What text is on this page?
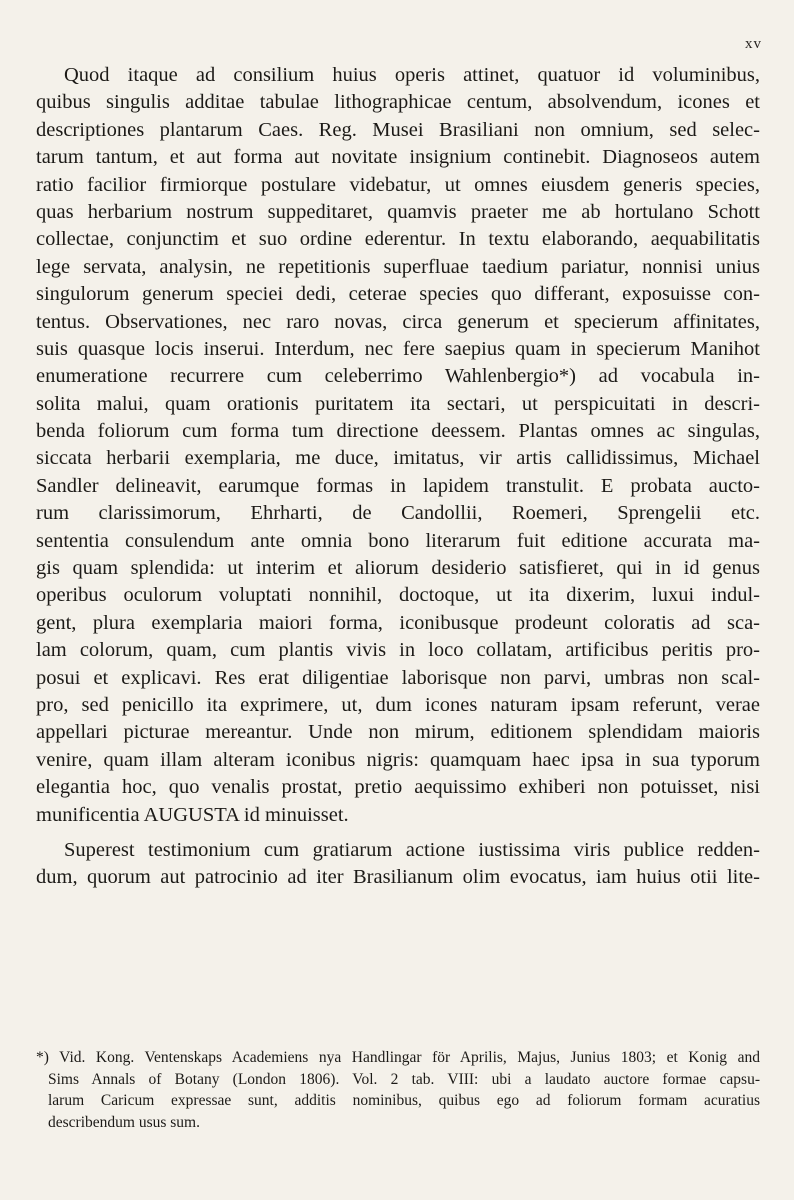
xv
Quod itaque ad consilium huius operis attinet, quatuor id voluminibus,
quibus singulis additae tabulae lithographicae centum, absolvendum, icones et
descriptiones plantarum Caes. Reg. Musei Brasiliani non omnium, sed selec-
tarum tantum, et aut forma aut novitate insignium continebit. Diagnoseos autem
ratio facilior firmiorque postulare videbatur, ut omnes eiusdem generis species,
quas herbarium nostrum suppeditaret, quamvis praeter me ab hortulano Schott
collectae, conjunctim et suo ordine ederentur. In textu elaborando, aequabilitatis
lege servata, analysin, ne repetitionis superfluae taedium pariatur, nonnisi unius
singulorum generum speciei dedi, ceterae species quo differant, exposuisse con-
tentus. Observationes, nec raro novas, circa generum et specierum affinitates,
suis quasque locis inserui. Interdum, nec fere saepius quam in specierum Manihot
enumeratione recurrere cum celeberrimo Wahlenbergio*) ad vocabula in-
solita malui, quam orationis puritatem ita sectari, ut perspicuitati in descri-
benda foliorum cum forma tum directione deessem. Plantas omnes ac singulas,
siccata herbarii exemplaria, me duce, imitatus, vir artis callidissimus, Michael
Sandler delineavit, earumque formas in lapidem transtulit. E probata aucto-
rum clarissimorum, Ehrharti, de Candollii, Roemeri, Sprengelii etc.
sententia consulendum ante omnia bono literarum fuit editione accurata ma-
gis quam splendida: ut interim et aliorum desiderio satisfieret, qui in id genus
operibus oculorum voluptati nonnihil, doctoque, ut ita dixerim, luxui indul-
gent, plura exemplaria maiori forma, iconibusque prodeunt coloratis ad sca-
lam colorum, quam, cum plantis vivis in loco collatam, artificibus peritis pro-
posui et explicavi. Res erat diligentiae laborisque non parvi, umbras non scal-
pro, sed penicillo ita exprimere, ut, dum icones naturam ipsam referunt, verae
appellari picturae mereantur. Unde non mirum, editionem splendidam maioris
venire, quam illam alteram iconibus nigris: quamquam haec ipsa in sua typorum
elegantia hoc, quo venalis prostat, pretio aequissimo exhiberi non potuisset, nisi
munificentia AUGUSTA id minuisset.
Superest testimonium cum gratiarum actione iustissima viris publice redden-
dum, quorum aut patrocinio ad iter Brasilianum olim evocatus, iam huius otii lite-
*) Vid. Kong. Ventenskaps Academiens nya Handlingar för Aprilis, Majus, Junius 1803; et Konig and
Sims Annals of Botany (London 1806). Vol. 2 tab. VIII: ubi a laudato auctore formae capsu-
larum Caricum expressae sunt, additis nominibus, quibus ego ad foliorum formam acuratius
describendum usus sum.
